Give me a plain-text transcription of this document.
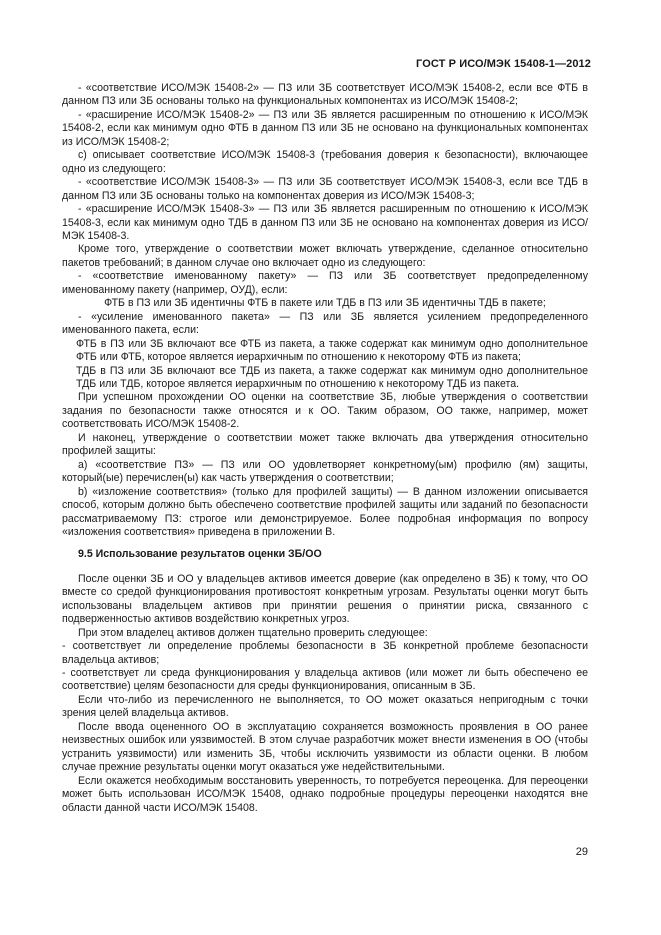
ГОСТ Р ИСО/МЭК 15408-1—2012

- «соответствие ИСО/МЭК 15408-2» — ПЗ или ЗБ соответствует ИСО/МЭК 15408-2, если все ФТБ в данном ПЗ или ЗБ основаны только на функциональных компонентах из ИСО/МЭК 15408-2;

- «расширение ИСО/МЭК 15408-2» — ПЗ или ЗБ является расширенным по отношению к ИСО/МЭК 15408-2, если как минимум одно ФТБ в данном ПЗ или ЗБ не основано на функциональных компонентах из ИСО/МЭК 15408-2;

с) описывает соответствие ИСО/МЭК 15408-3 (требования доверия к безопасности), включающее одно из следующего:

- «соответствие ИСО/МЭК 15408-3» — ПЗ или ЗБ соответствует ИСО/МЭК 15408-3, если все ТДБ в данном ПЗ или ЗБ основаны только на компонентах доверия из ИСО/МЭК 15408-3;

- «расширение ИСО/МЭК 15408-3» — ПЗ или ЗБ является расширенным по отношению к ИСО/МЭК 15408-3, если как минимум одно ТДБ в данном ПЗ или ЗБ не основано на компонентах доверия из ИСО/МЭК 15408-3.

Кроме того, утверждение о соответствии может включать утверждение, сделанное относительно пакетов требований; в данном случае оно включает одно из следующего:

- «соответствие именованному пакету» — ПЗ или ЗБ соответствует предопределенному именованному пакету (например, ОУД), если:

ФТБ в ПЗ или ЗБ идентичны ФТБ в пакете или ТДБ в ПЗ или ЗБ идентичны ТДБ в пакете;

- «усиление именованного пакета» — ПЗ или ЗБ является усилением предопределенного именованного пакета, если:

ФТБ в ПЗ или ЗБ включают все ФТБ из пакета, а также содержат как минимум одно дополнительное ФТБ или ФТБ, которое является иерархичным по отношению к некоторому ФТБ из пакета;

ТДБ в ПЗ или ЗБ включают все ТДБ из пакета, а также содержат как минимум одно дополнительное ТДБ или ТДБ, которое является иерархичным по отношению к некоторому ТДБ из пакета.

При успешном прохождении ОО оценки на соответствие ЗБ, любые утверждения о соответствии задания по безопасности также относятся и к ОО. Таким образом, ОО также, например, может соответствовать ИСО/МЭК 15408-2.

И наконец, утверждение о соответствии может также включать два утверждения относительно профилей защиты:

а) «соответствие ПЗ» — ПЗ или ОО удовлетворяет конкретному(ым) профилю (ям) защиты, который(ые) перечислен(ы) как часть утверждения о соответствии;

b) «изложение соответствия» (только для профилей защиты) — В данном изложении описывается способ, которым должно быть обеспечено соответствие профилей защиты или заданий по безопасности рассматриваемому ПЗ: строгое или демонстрируемое. Более подробная информация по вопросу «изложения соответствия» приведена в приложении В.

9.5 Использование результатов оценки ЗБ/ОО

После оценки ЗБ и ОО у владельцев активов имеется доверие (как определено в ЗБ) к тому, что ОО вместе со средой функционирования противостоят конкретным угрозам. Результаты оценки могут быть использованы владельцем активов при принятии решения о принятии риска, связанного с подверженностью активов воздействию конкретных угроз.

При этом владелец активов должен тщательно проверить следующее:

- соответствует ли определение проблемы безопасности в ЗБ конкретной проблеме безопасности владельца активов;

- соответствует ли среда функционирования у владельца активов (или может ли быть обеспечено ее соответствие) целям безопасности для среды функционирования, описанным в ЗБ.

Если что-либо из перечисленного не выполняется, то ОО может оказаться непригодным с точки зрения целей владельца активов.

После ввода оцененного ОО в эксплуатацию сохраняется возможность проявления в ОО ранее неизвестных ошибок или уязвимостей. В этом случае разработчик может внести изменения в ОО (чтобы устранить уязвимости) или изменить ЗБ, чтобы исключить уязвимости из области оценки. В любом случае прежние результаты оценки могут оказаться уже недействительными.

Если окажется необходимым восстановить уверенность, то потребуется переоценка. Для переоценки может быть использован ИСО/МЭК 15408, однако подробные процедуры переоценки находятся вне области данной части ИСО/МЭК 15408.

29
